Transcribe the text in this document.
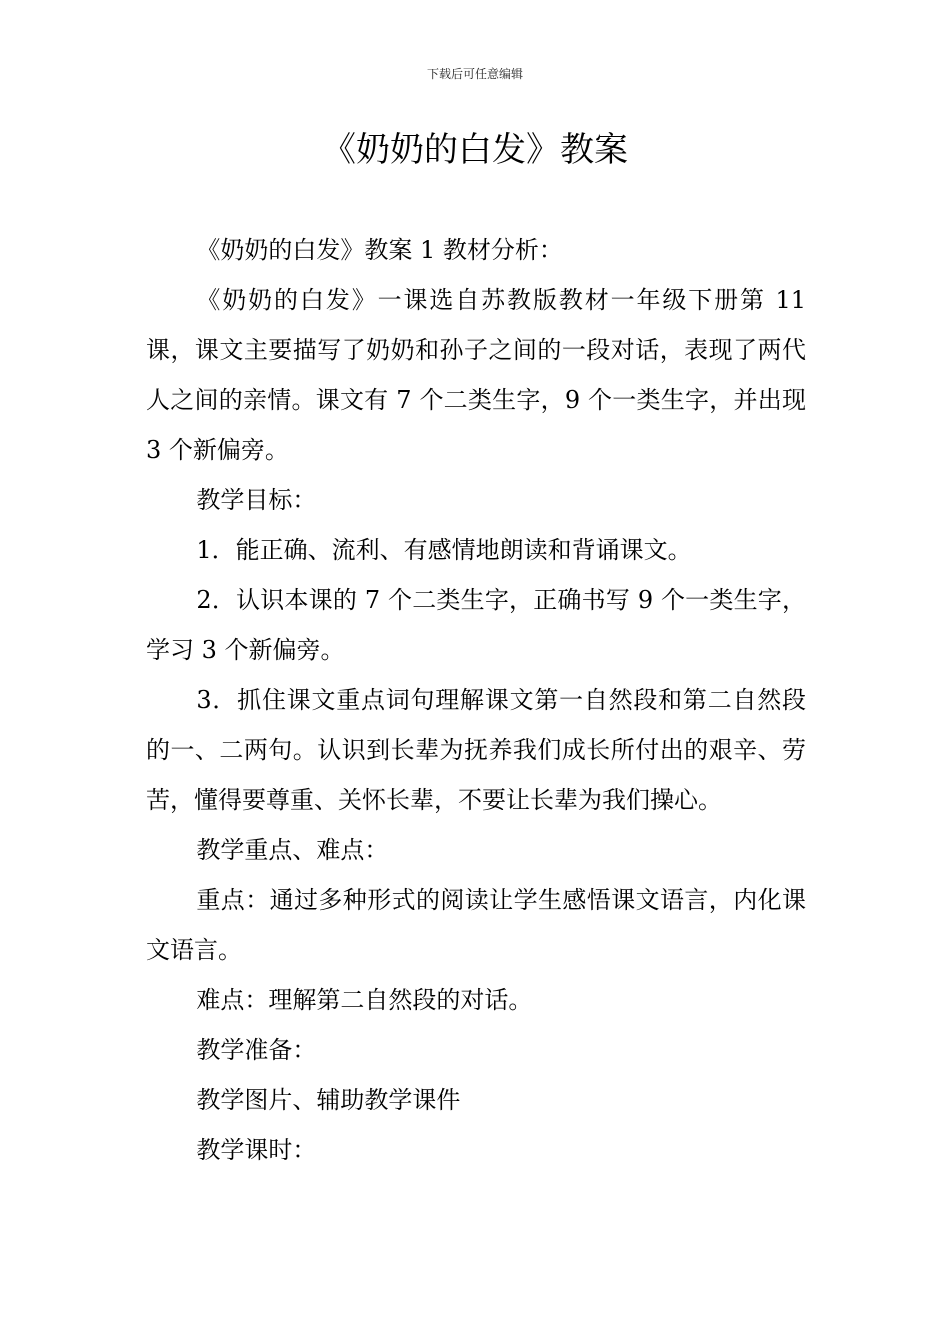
下载后可任意编辑
《奶奶的白发》教案

《奶奶的白发》教案 1 教材分析：

《奶奶的白发》一课选自苏教版教材一年级下册第 11 课，课文主要描写了奶奶和孙子之间的一段对话，表现了两代人之间的亲情。课文有 7 个二类生字，9 个一类生字，并出现 3 个新偏旁。

教学目标：

1．能正确、流利、有感情地朗读和背诵课文。

2．认识本课的 7 个二类生字，正确书写 9 个一类生字，学习 3 个新偏旁。

3．抓住课文重点词句理解课文第一自然段和第二自然段的一、二两句。认识到长辈为抚养我们成长所付出的艰辛、劳苦，懂得要尊重、关怀长辈，不要让长辈为我们操心。

教学重点、难点：

重点：通过多种形式的阅读让学生感悟课文语言，内化课文语言。

难点：理解第二自然段的对话。

教学准备：

教学图片、辅助教学课件

教学课时：
